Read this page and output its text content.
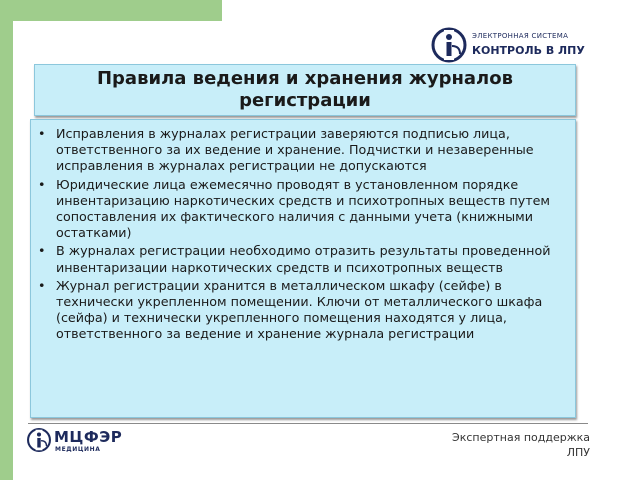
ЭЛЕКТРОННАЯ СИСТЕМА
КОНТРОЛЬ В ЛПУ
Правила ведения и хранения журналов регистрации
• Исправления в журналах регистрации заверяются подписью лица, ответственного за их ведение и хранение. Подчистки и незаверенные исправления в журналах регистрации не допускаются
• Юридические лица ежемесячно проводят в установленном порядке инвентаризацию наркотических средств и психотропных веществ путем сопоставления их фактического наличия с данными учета (книжными остатками)
• В журналах регистрации необходимо отразить результаты проведенной инвентаризации наркотических средств и психотропных веществ
• Журнал регистрации хранится в металлическом шкафу (сейфе) в технически укрепленном помещении. Ключи от металлического шкафа (сейфа) и технически укрепленного помещения находятся у лица, ответственного за ведение и хранение журнала регистрации
МЦФЭР
МЕДИЦИНА
Экспертная поддержка
ЛПУ
